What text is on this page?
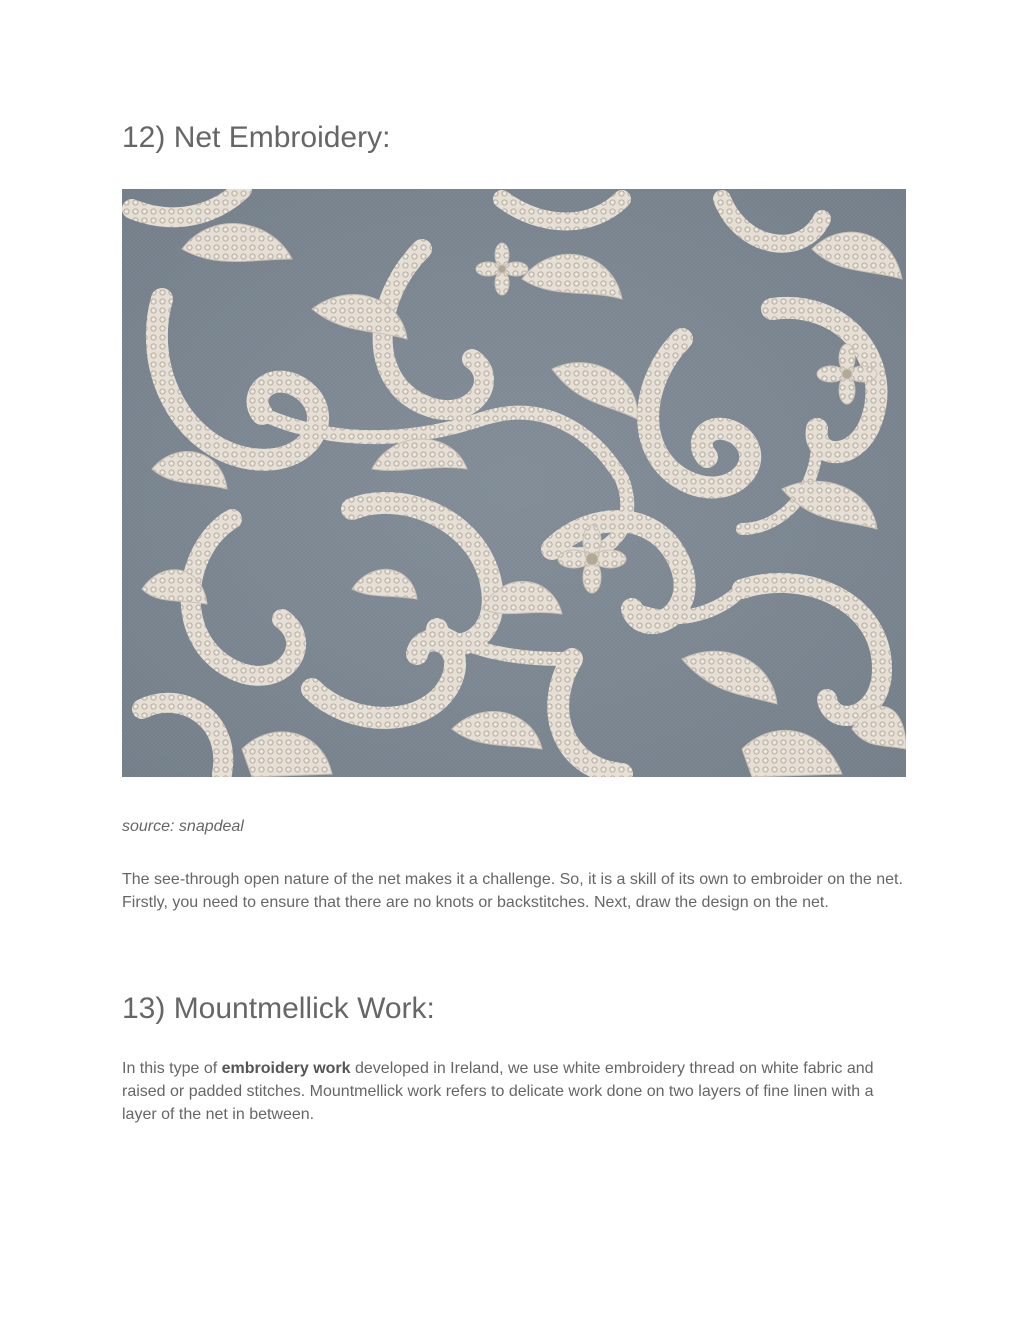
12) Net Embroidery:
source: snapdeal

The see-through open nature of the net makes it a challenge. So, it is a skill of its own to embroider on the net. Firstly, you need to ensure that there are no knots or backstitches. Next, draw the design on the net.

13) Mountmellick Work:

In this type of embroidery work developed in Ireland, we use white embroidery thread on white fabric and raised or padded stitches. Mountmellick work refers to delicate work done on two layers of fine linen with a layer of the net in between.
